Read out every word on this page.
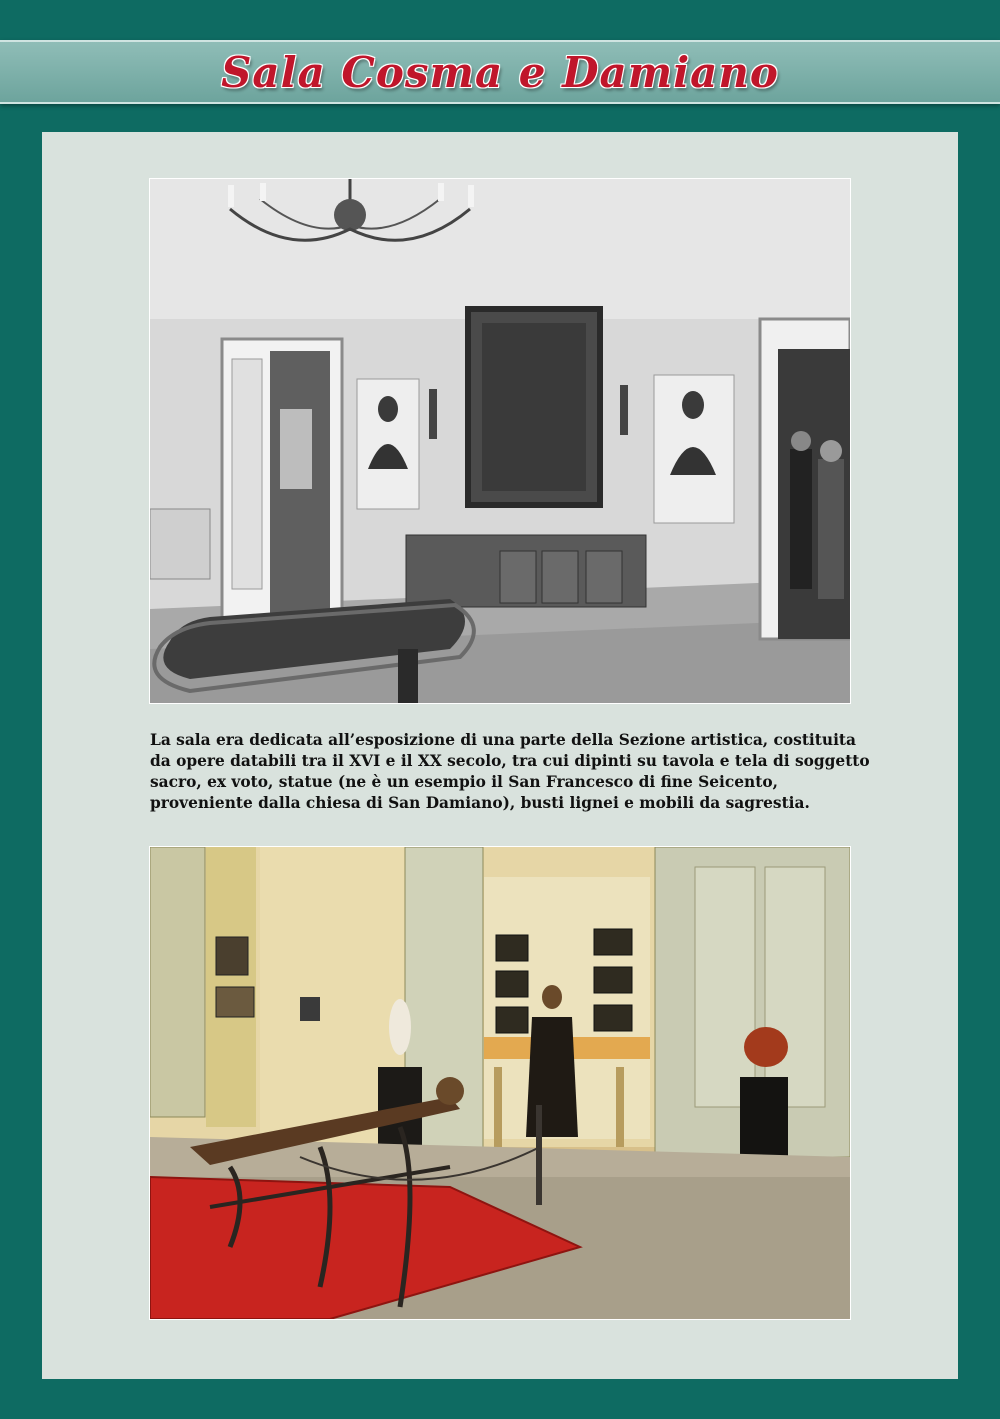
Sala Cosma e Damiano
La sala era dedicata all’esposizione di una parte della Sezione artistica, costituita da opere databili tra il XVI e il XX secolo, tra cui dipinti su tavola e tela di soggetto sacro, ex voto, statue (ne è un esempio il San Francesco di fine Seicento, proveniente dalla chiesa di San Damiano), busti lignei e mobili da sagrestia.
